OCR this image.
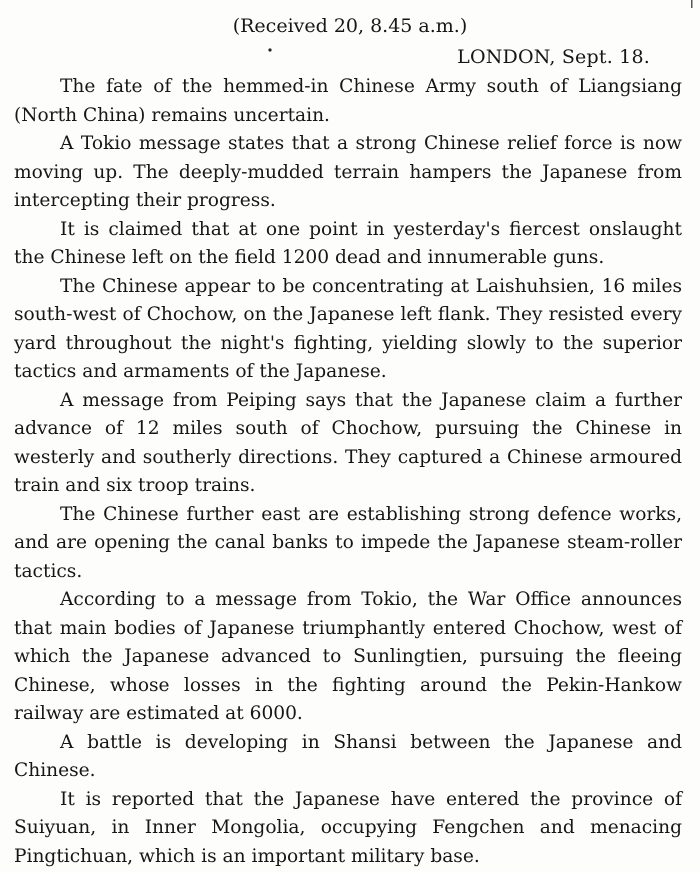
(Received 20, 8.45 a.m.)
LONDON, Sept. 18.

The fate of the hemmed-in Chinese Army south of Liangsiang (North China) remains uncertain.

A Tokio message states that a strong Chinese relief force is now moving up. The deeply-mudded terrain hampers the Japanese from intercepting their progress.

It is claimed that at one point in yesterday's fiercest onslaught the Chinese left on the field 1200 dead and innumerable guns.

The Chinese appear to be concentrating at Laishuhsien, 16 miles south-west of Chochow, on the Japanese left flank. They resisted every yard throughout the night's fighting, yielding slowly to the superior tactics and armaments of the Japanese.

A message from Peiping says that the Japanese claim a further advance of 12 miles south of Chochow, pursuing the Chinese in westerly and southerly directions. They captured a Chinese armoured train and six troop trains.

The Chinese further east are establishing strong defence works, and are opening the canal banks to impede the Japanese steam-roller tactics.

According to a message from Tokio, the War Office announces that main bodies of Japanese triumphantly entered Chochow, west of which the Japanese advanced to Sunlingtien, pursuing the fleeing Chinese, whose losses in the fighting around the Pekin-Hankow railway are estimated at 6000.

A battle is developing in Shansi between the Japanese and Chinese.

It is reported that the Japanese have entered the province of Suiyuan, in Inner Mongolia, occupying Fengchen and menacing Pingtichuan, which is an important military base.
